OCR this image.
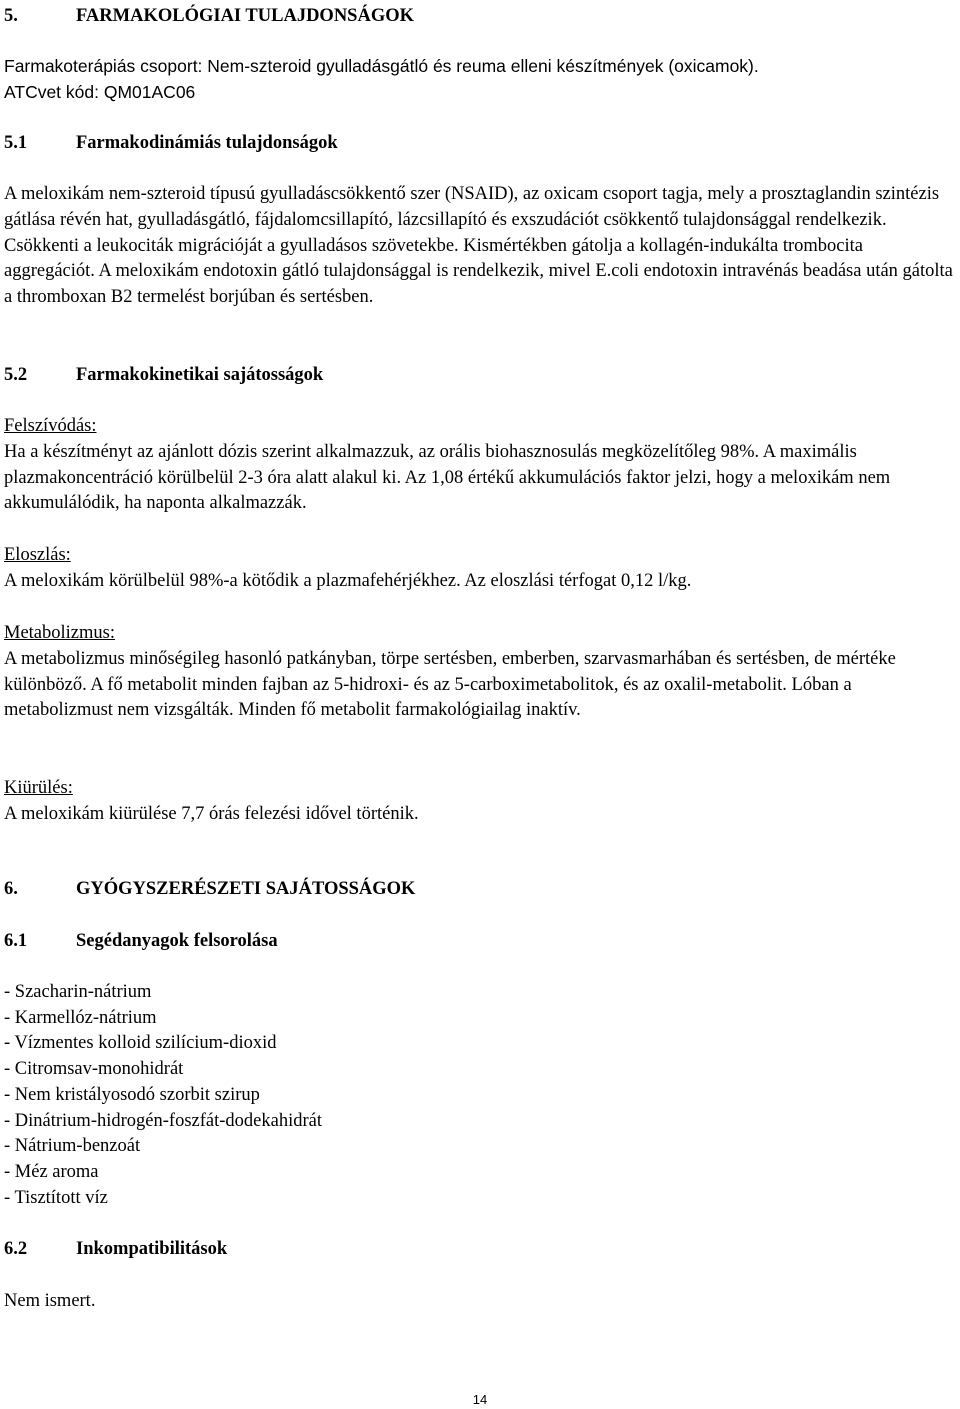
5.	FARMAKOLÓGIAI TULAJDONSÁGOK
Farmakoterápiás csoport: Nem-szteroid gyulladásgátló és reuma elleni készítmények (oxicamok).
ATCvet kód: QM01AC06
5.1	Farmakodinámiás tulajdonságok

A meloxikám nem-szteroid típusú gyulladáscsökkentő szer (NSAID), az oxicam csoport tagja, mely a prosztaglandin szintézis gátlása révén hat, gyulladásgátló, fájdalomcsillapító, lázcsillapító és exszudációt csökkentő tulajdonsággal rendelkezik. Csökkenti a leukociták migrációját a gyulladásos szövetekbe. Kismértékben gátolja a kollagén-indukálta trombocita aggregációt. A meloxikám endotoxin gátló tulajdonsággal is rendelkezik, mivel E.coli endotoxin intravénás beadása után gátolta a thromboxan B2 termelést borjúban és sertésben.

5.2	Farmakokinetikai sajátosságok
Felszívódás:
Ha a készítményt az ajánlott dózis szerint alkalmazzuk, az orális biohasznosulás megközelítőleg 98%. A maximális plazmakoncentráció körülbelül 2-3 óra alatt alakul ki. Az 1,08 értékű akkumulációs faktor jelzi, hogy a meloxikám nem akkumulálódik, ha naponta alkalmazzák.
Eloszlás:
A meloxikám körülbelül 98%-a kötődik a plazmafehérjékhez. Az eloszlási térfogat 0,12 l/kg.
Metabolizmus:
A metabolizmus minőségileg hasonló patkányban, törpe sertésben, emberben, szarvasmarhában és sertésben, de mértéke különböző. A fő metabolit minden fajban az 5-hidroxi- és az 5-carboximetabolitok, és az oxalil-metabolit. Lóban a metabolizmust nem vizsgálták. Minden fő metabolit farmakológiailag inaktív.
Kiürülés:
A meloxikám kiürülése 7,7 órás felezési idővel történik.
6.	GYÓGYSZERÉSZETI SAJÁTOSSÁGOK
6.1	Segédanyagok felsorolása
- Szacharin-nátrium
- Karmellóz-nátrium
- Vízmentes kolloid szilícium-dioxid
- Citromsav-monohidrát
- Nem kristályosodó szorbit szirup
- Dinátrium-hidrogén-foszfát-dodekahidrát
- Nátrium-benzoát
- Méz aroma
- Tisztított víz
6.2	Inkompatibilitások

Nem ismert.

14
